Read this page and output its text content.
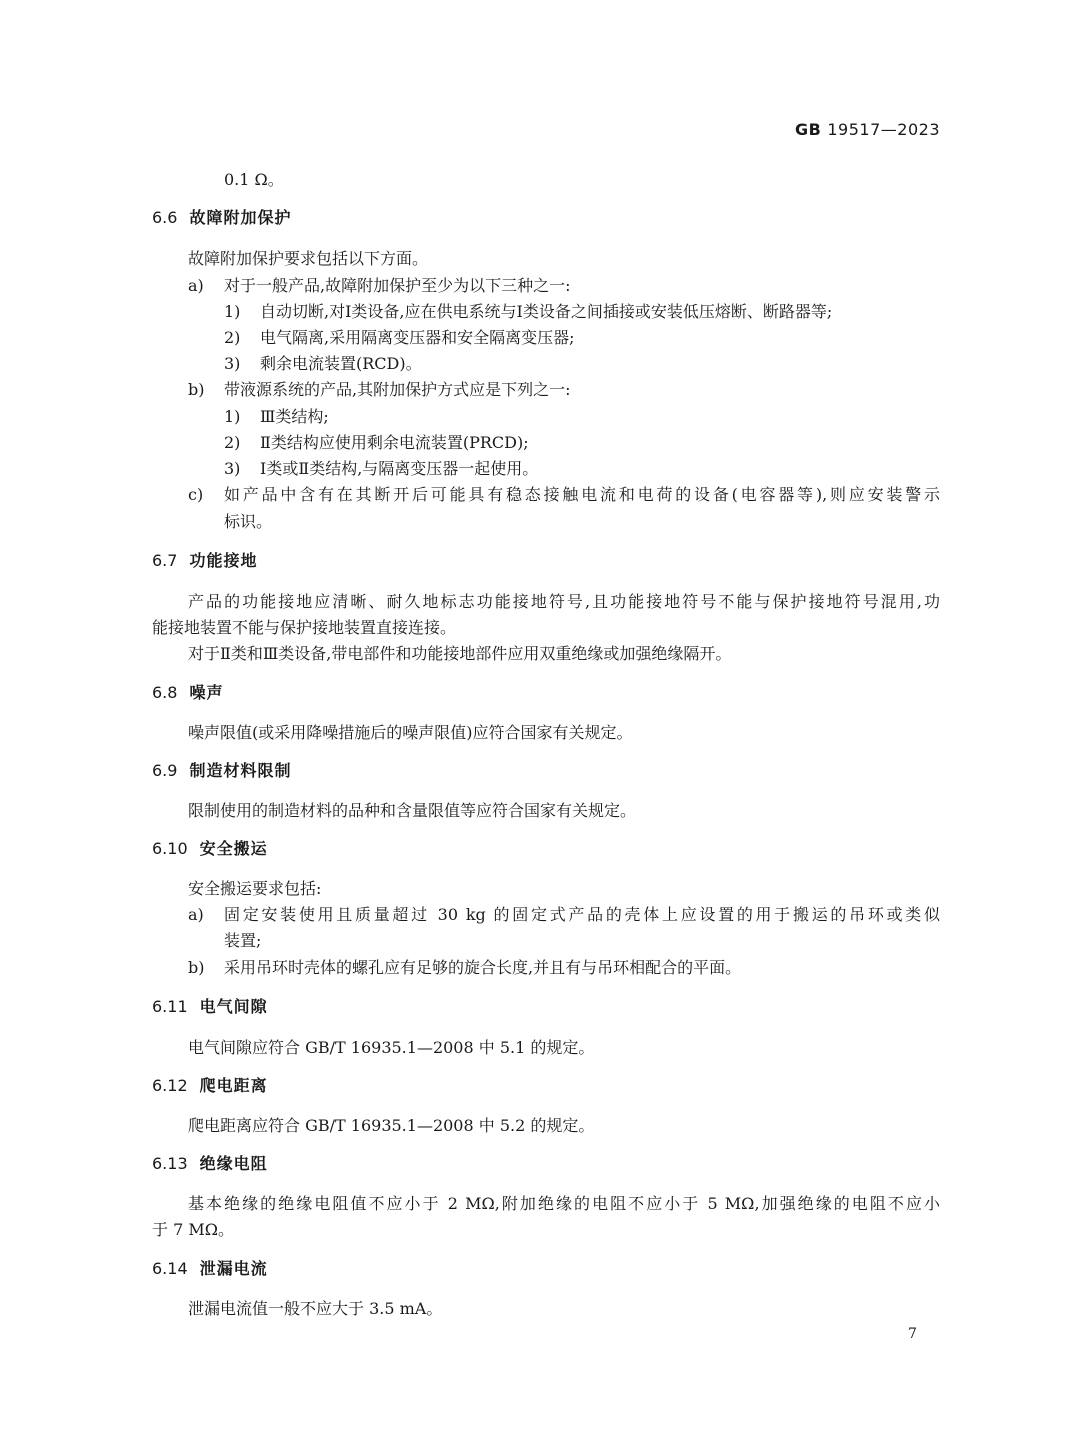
GB 19517—2023
0.1 Ω。
6.6 故障附加保护
故障附加保护要求包括以下方面。
a) 对于一般产品,故障附加保护至少为以下三种之一:
1) 自动切断,对Ⅰ类设备,应在供电系统与Ⅰ类设备之间插接或安装低压熔断、断路器等;
2) 电气隔离,采用隔离变压器和安全隔离变压器;
3) 剩余电流装置(RCD)。
b) 带液源系统的产品,其附加保护方式应是下列之一:
1) Ⅲ类结构;
2) Ⅱ类结构应使用剩余电流装置(PRCD);
3) Ⅰ类或Ⅱ类结构,与隔离变压器一起使用。
c) 如产品中含有在其断开后可能具有稳态接触电流和电荷的设备(电容器等),则应安装警示
标识。
6.7 功能接地
产品的功能接地应清晰、耐久地标志功能接地符号,且功能接地符号不能与保护接地符号混用,功
能接地装置不能与保护接地装置直接连接。
对于Ⅱ类和Ⅲ类设备,带电部件和功能接地部件应用双重绝缘或加强绝缘隔开。
6.8 噪声
噪声限值(或采用降噪措施后的噪声限值)应符合国家有关规定。
6.9 制造材料限制
限制使用的制造材料的品种和含量限值等应符合国家有关规定。
6.10 安全搬运
安全搬运要求包括:
a) 固定安装使用且质量超过 30 kg 的固定式产品的壳体上应设置的用于搬运的吊环或类似
装置;
b) 采用吊环时壳体的螺孔应有足够的旋合长度,并且有与吊环相配合的平面。
6.11 电气间隙
电气间隙应符合 GB/T 16935.1—2008 中 5.1 的规定。
6.12 爬电距离
爬电距离应符合 GB/T 16935.1—2008 中 5.2 的规定。
6.13 绝缘电阻
基本绝缘的绝缘电阻值不应小于 2 MΩ,附加绝缘的电阻不应小于 5 MΩ,加强绝缘的电阻不应小
于 7 MΩ。
6.14 泄漏电流
泄漏电流值一般不应大于 3.5 mA。
7
